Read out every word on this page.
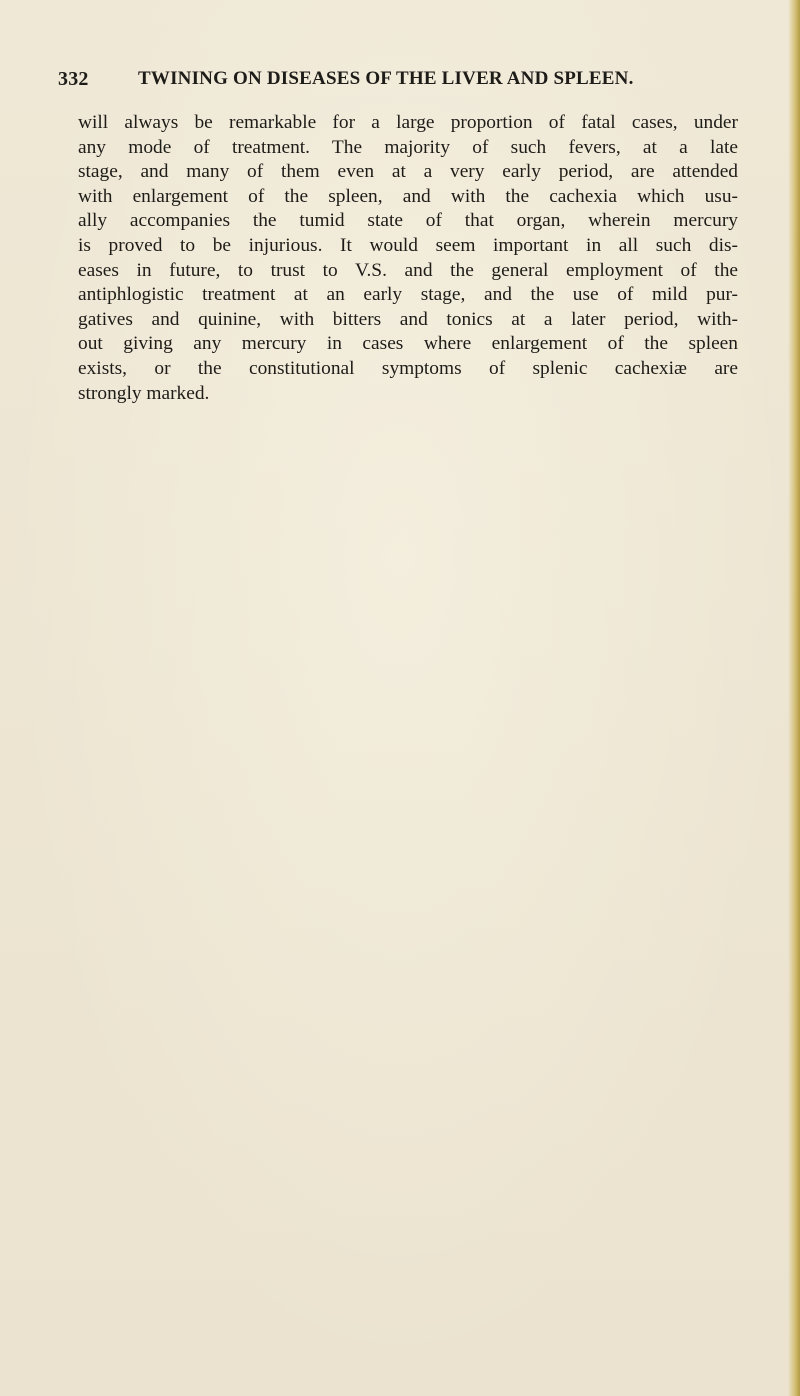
332	TWINING ON DISEASES OF THE LIVER AND SPLEEN.
will always be remarkable for a large proportion of fatal cases, under
any mode of treatment. The majority of such fevers, at a late
stage, and many of them even at a very early period, are attended
with enlargement of the spleen, and with the cachexia which usu-
ally accompanies the tumid state of that organ, wherein mercury
is proved to be injurious. It would seem important in all such dis-
eases in future, to trust to V.S. and the general employment of the
antiphlogistic treatment at an early stage, and the use of mild pur-
gatives and quinine, with bitters and tonics at a later period, with-
out giving any mercury in cases where enlargement of the spleen
exists, or the constitutional symptoms of splenic cachexiæ are
strongly marked.
